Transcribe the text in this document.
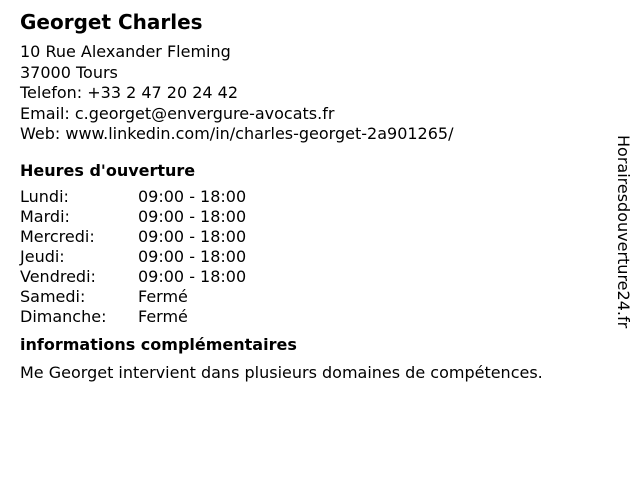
Georget Charles
10 Rue Alexander Fleming
37000 Tours
Telefon: +33 2 47 20 24 42
Email: c.georget@envergure-avocats.fr
Web: www.linkedin.com/in/charles-georget-2a901265/
Heures d'ouverture
Lundi:	09:00 - 18:00
Mardi:	09:00 - 18:00
Mercredi:	09:00 - 18:00
Jeudi:	09:00 - 18:00
Vendredi:	09:00 - 18:00
Samedi:	Fermé
Dimanche: Fermé
informations complémentaires
Me Georget intervient dans plusieurs domaines de compétences.
Horairesdouverture24.fr
